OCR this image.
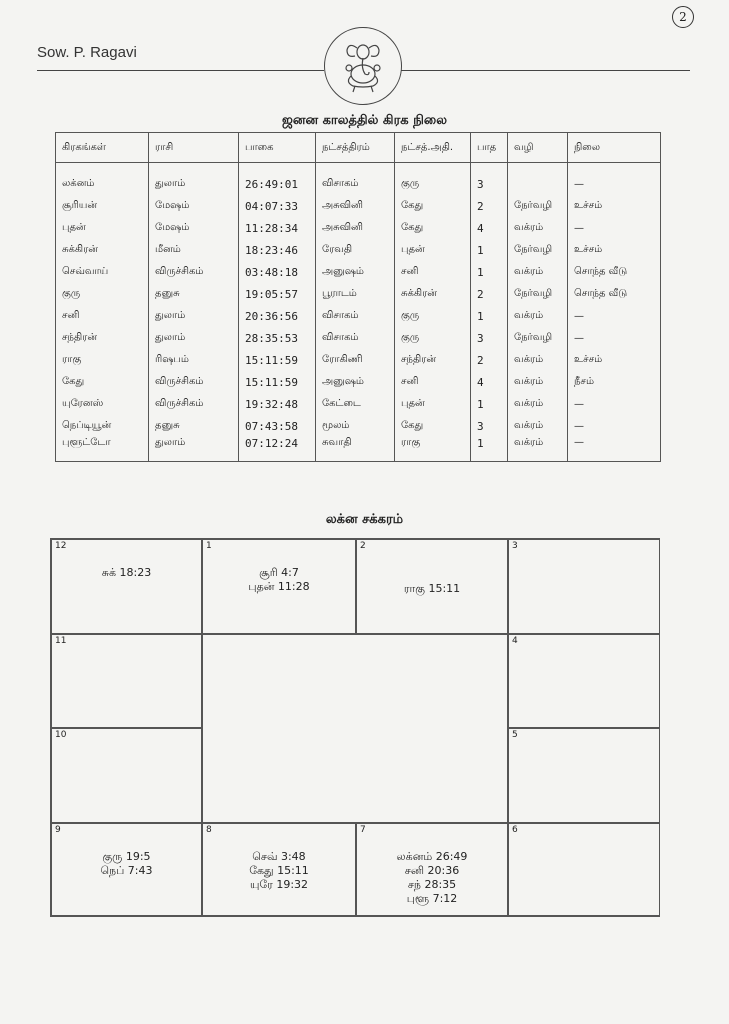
2
Sow. P. Ragavi
ஜனன காலத்தில் கிரக நிலை
கிரகங்கள்	ராசி	பாகை	நட்சத்திரம்	நட்சத்.அதி.	பாத	வழி	நிலை

லக்னம்	துலாம்	26:49:01	விசாகம்	குரு	3		—
சூரியன்	மேஷம்	04:07:33	அசுவினி	கேது	2	நேர்வழி	உச்சம்
புதன்	மேஷம்	11:28:34	அசுவினி	கேது	4	வக்ரம்	—
சுக்கிரன்	மீனம்	18:23:46	ரேவதி	புதன்	1	நேர்வழி	உச்சம்
செவ்வாய்	விருச்சிகம்	03:48:18	அனுஷம்	சனி	1	வக்ரம்	சொந்த வீடு
குரு	தனுசு	19:05:57	பூராடம்	சுக்கிரன்	2	நேர்வழி	சொந்த வீடு
சனி	துலாம்	20:36:56	விசாகம்	குரு	1	வக்ரம்	—
சந்திரன்	துலாம்	28:35:53	விசாகம்	குரு	3	நேர்வழி	—
ராகு	ரிஷபம்	15:11:59	ரோகிணி	சந்திரன்	2	வக்ரம்	உச்சம்
கேது	விருச்சிகம்	15:11:59	அனுஷம்	சனி	4	வக்ரம்	நீசம்
யுரேனஸ்	விருச்சிகம்	19:32:48	கேட்டை	புதன்	1	வக்ரம்	—
நெப்டியூன்	தனுசு	07:43:58	மூலம்	கேது	3	வக்ரம்	—
புளூட்டோ	துலாம்	07:12:24	சுவாதி	ராகு	1	வக்ரம்	—
லக்ன சக்கரம்
12
சுக் 18:23
1
சூரி 4:7
புதன் 11:28
2
ராகு 15:11
3
11	4
10	5
9
குரு 19:5
நெப் 7:43
8
செவ் 3:48
கேது 15:11
யுரே 19:32
7
லக்னம் 26:49
சனி 20:36
சந் 28:35
புளூ 7:12
6
